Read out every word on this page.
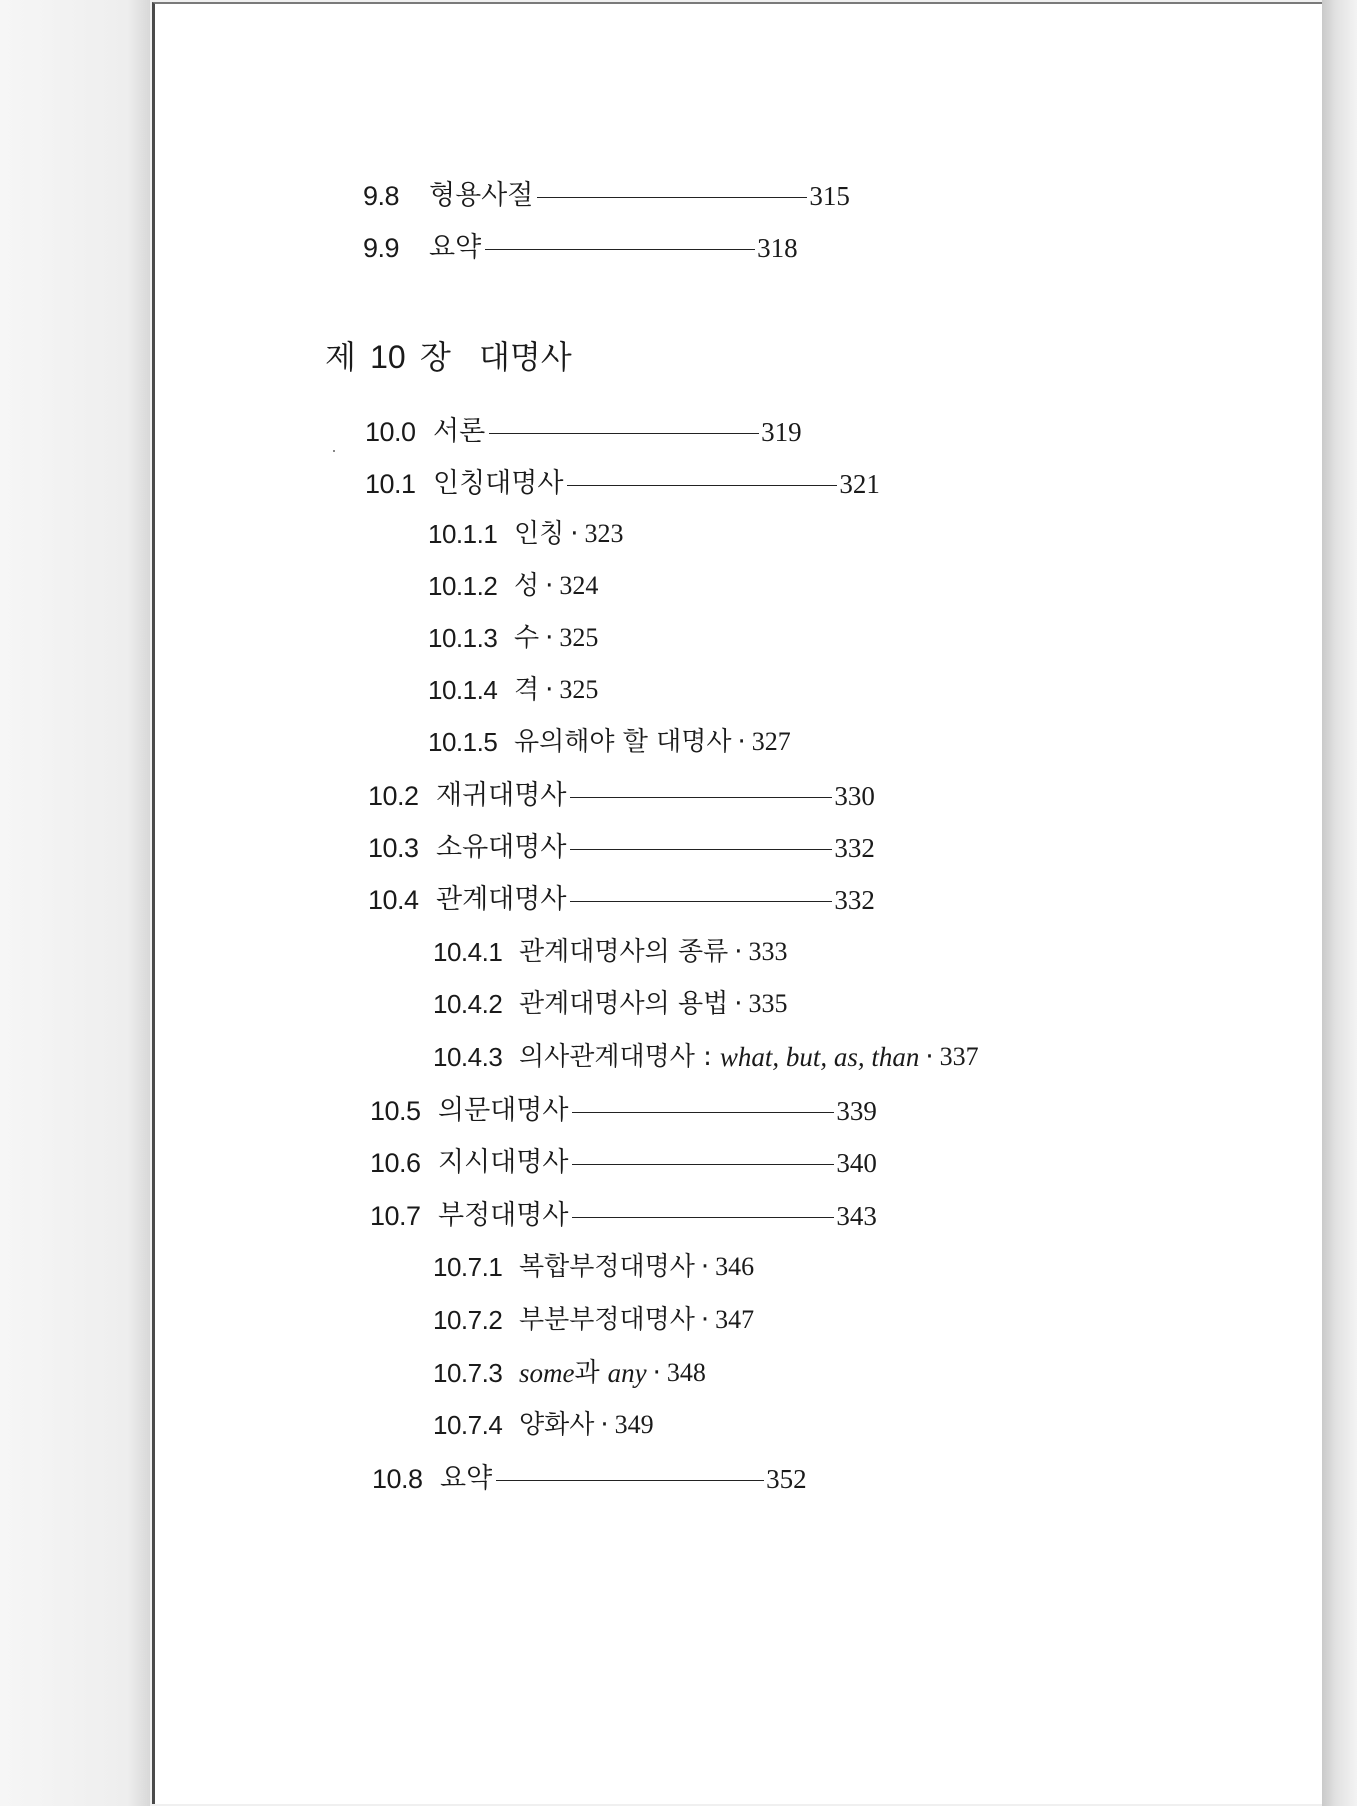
9.8	형용사절	315
9.9	요약	318
제 10 장 대명사
10.0 서론	319
10.1 인칭대명사	321
10.1.1 인칭 · 323
10.1.2 성 · 324
10.1.3 수 · 325
10.1.4 격 · 325
10.1.5 유의해야 할 대명사 · 327
10.2 재귀대명사	330
10.3 소유대명사	332
10.4 관계대명사	332
10.4.1 관계대명사의 종류 · 333
10.4.2 관계대명사의 용법 · 335
10.4.3 의사관계대명사 : what, but, as, than · 337
10.5 의문대명사	339
10.6 지시대명사	340
10.7 부정대명사	343
10.7.1 복합부정대명사 · 346
10.7.2 부분부정대명사 · 347
10.7.3 some 과 any · 348
10.7.4 양화사 · 349
10.8 요약	352
